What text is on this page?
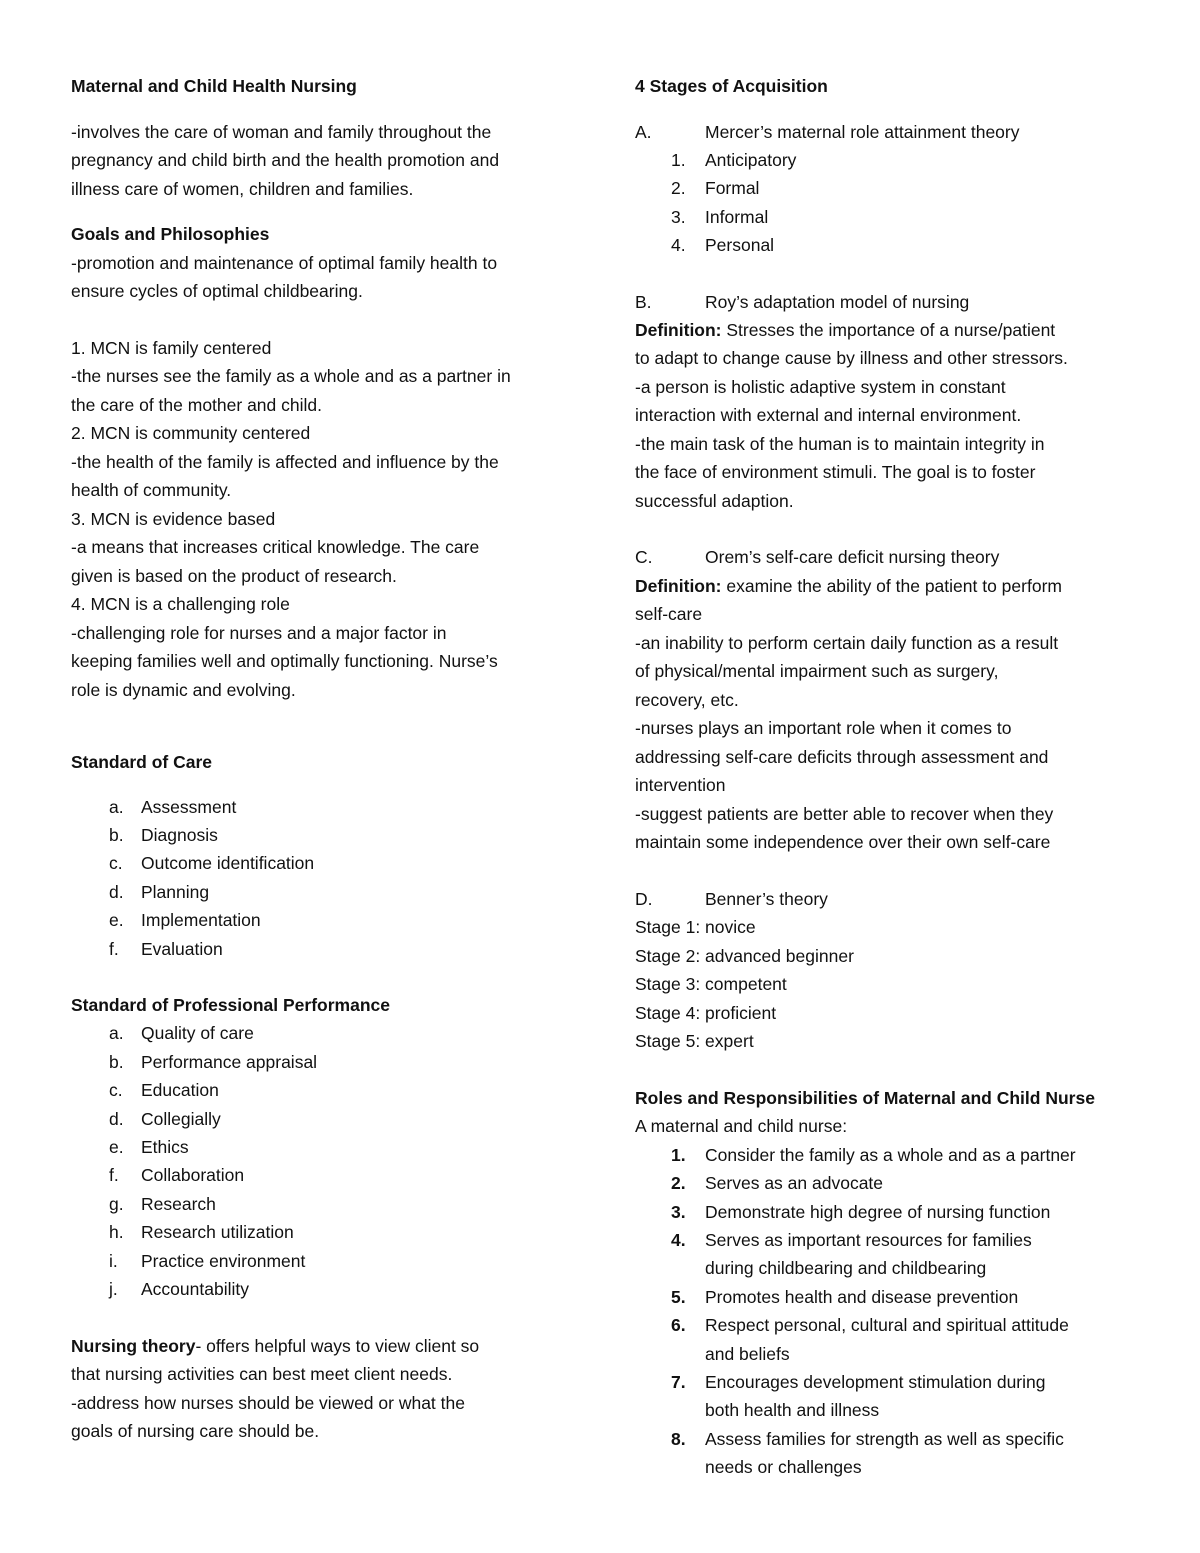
Maternal and Child Health Nursing
-involves the care of woman and family throughout the
pregnancy and child birth and the health promotion and
illness care of women, children and families.
Goals and Philosophies
-promotion and maintenance of optimal family health to
ensure cycles of optimal childbearing.
1. MCN is family centered
-the nurses see the family as a whole and as a partner in
the care of the mother and child.
2. MCN is community centered
-the health of the family is affected and influence by the
health of community.
3. MCN is evidence based
-a means that increases critical knowledge. The care
given is based on the product of research.
4. MCN is a challenging role
-challenging role for nurses and a major factor in
keeping families well and optimally functioning. Nurse’s
role is dynamic and evolving.
Standard of Care
a. Assessment
b. Diagnosis
c.	Outcome identification
d. Planning
e. Implementation
f.	Evaluation
Standard of Professional Performance
a. Quality of care
b. Performance appraisal
c.	Education
d. Collegially
e. Ethics
f.	Collaboration
g. Research
h. Research utilization
i.	Practice environment
j.	Accountability
Nursing theory- offers helpful ways to view client so
that nursing activities can best meet client needs.
-address how nurses should be viewed or what the
goals of nursing care should be.
4 Stages of Acquisition
A.	Mercer’s maternal role attainment theory
1. Anticipatory
2. Formal
3. Informal
4. Personal
B.	Roy’s adaptation model of nursing
Definition: Stresses the importance of a nurse/patient
to adapt to change cause by illness and other stressors.
-a person is holistic adaptive system in constant
interaction with external and internal environment.
-the main task of the human is to maintain integrity in
the face of environment stimuli. The goal is to foster
successful adaption.
C.	Orem’s self-care deficit nursing theory
Definition: examine the ability of the patient to perform
self-care
-an inability to perform certain daily function as a result
of physical/mental impairment such as surgery,
recovery, etc.
-nurses plays an important role when it comes to
addressing self-care deficits through assessment and
intervention
-suggest patients are better able to recover when they
maintain some independence over their own self-care
D.	Benner’s theory
Stage 1: novice
Stage 2: advanced beginner
Stage 3: competent
Stage 4: proficient
Stage 5: expert
Roles and Responsibilities of Maternal and Child Nurse
A maternal and child nurse:
1. Consider the family as a whole and as a partner
2. Serves as an advocate
3. Demonstrate high degree of nursing function
4. Serves as important resources for families
during childbearing and childbearing
5. Promotes health and disease prevention
6. Respect personal, cultural and spiritual attitude
and beliefs
7. Encourages development stimulation during
both health and illness
8. Assess families for strength as well as specific
needs or challenges
